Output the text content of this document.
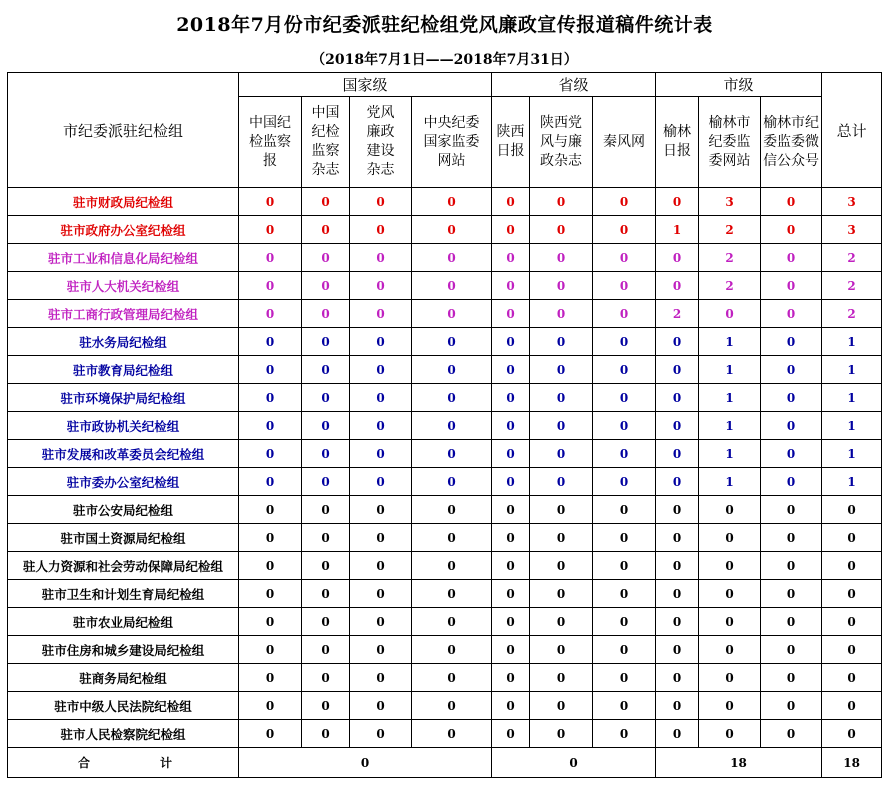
2018年7月份市纪委派驻纪检组党风廉政宣传报道稿件统计表
（2018年7月1日——2018年7月31日）
市纪委派驻纪检组	国家级				省级			市级			总计
	中国纪检监察报	中国纪检监察杂志	党风廉政建设杂志	中央纪委国家监委网站	陕西日报	陕西党风与廉政杂志	秦风网	榆林日报	榆林市纪委监委网站	榆林市纪委监委微信公众号	
驻市财政局纪检组	0	0	0	0	0	0	0	0	3	0	3
驻市政府办公室纪检组	0	0	0	0	0	0	0	1	2	0	3
驻市工业和信息化局纪检组	0	0	0	0	0	0	0	0	2	0	2
驻市人大机关纪检组	0	0	0	0	0	0	0	0	2	0	2
驻市工商行政管理局纪检组	0	0	0	0	0	0	0	2	0	0	2
驻水务局纪检组	0	0	0	0	0	0	0	0	1	0	1
驻市教育局纪检组	0	0	0	0	0	0	0	0	1	0	1
驻市环境保护局纪检组	0	0	0	0	0	0	0	0	1	0	1
驻市政协机关纪检组	0	0	0	0	0	0	0	0	1	0	1
驻市发展和改革委员会纪检组	0	0	0	0	0	0	0	0	1	0	1
驻市委办公室纪检组	0	0	0	0	0	0	0	0	1	0	1
驻市公安局纪检组	0	0	0	0	0	0	0	0	0	0	0
驻市国土资源局纪检组	0	0	0	0	0	0	0	0	0	0	0
驻人力资源和社会劳动保障局纪检组	0	0	0	0	0	0	0	0	0	0	0
驻市卫生和计划生育局纪检组	0	0	0	0	0	0	0	0	0	0	0
驻市农业局纪检组	0	0	0	0	0	0	0	0	0	0	0
驻市住房和城乡建设局纪检组	0	0	0	0	0	0	0	0	0	0	0
驻商务局纪检组	0	0	0	0	0	0	0	0	0	0	0
驻市中级人民法院纪检组	0	0	0	0	0	0	0	0	0	0	0
驻市人民检察院纪检组	0	0	0	0	0	0	0	0	0	0	0
合 计	0				0			18			18
